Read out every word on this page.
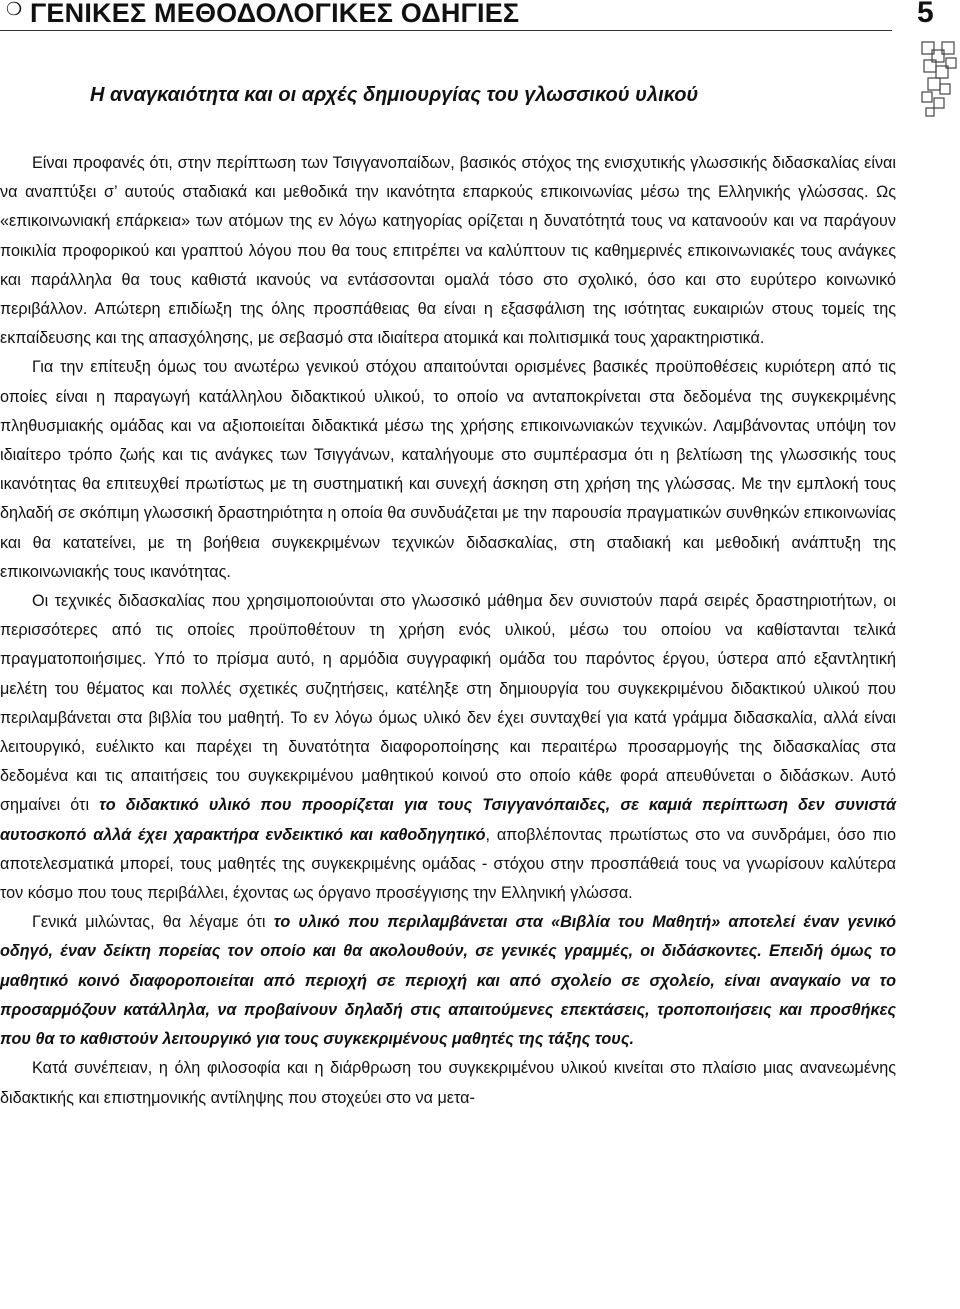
❍ ΓΕΝΙΚΕΣ ΜΕΘΟΔΟΛΟΓΙΚΕΣ ΟΔΗΓΙΕΣ	5
Η αναγκαιότητα και οι αρχές δημιουργίας του γλωσσικού υλικού

Είναι προφανές ότι, στην περίπτωση των Τσιγγανοπαίδων, βασικός στόχος της ενισχυτικής γλωσσικής διδασκαλίας είναι να αναπτύξει σ’ αυτούς σταδιακά και μεθοδικά την ικανότητα επαρκούς επικοινωνίας μέσω της Ελληνικής γλώσσας. Ως «επικοινωνιακή επάρκεια» των ατόμων της εν λόγω κατηγορίας ορίζεται η δυνατότητά τους να κατανοούν και να παράγουν ποικιλία προφορικού και γραπτού λόγου που θα τους επιτρέπει να καλύπτουν τις καθημερινές επικοινωνιακές τους ανάγκες και παράλληλα θα τους καθιστά ικανούς να εντάσσονται ομαλά τόσο στο σχολικό, όσο και στο ευρύτερο κοινωνικό περιβάλλον. Απώτερη επιδίωξη της όλης προσπάθειας θα είναι η εξασφάλιση της ισότητας ευκαιριών στους τομείς της εκπαίδευσης και της απασχόλησης, με σεβασμό στα ιδιαίτερα ατομικά και πολιτισμικά τους χαρακτηριστικά.

Για την επίτευξη όμως του ανωτέρω γενικού στόχου απαιτούνται ορισμένες βασικές προϋποθέσεις κυριότερη από τις οποίες είναι η παραγωγή κατάλληλου διδακτικού υλικού, το οποίο να ανταποκρίνεται στα δεδομένα της συγκεκριμένης πληθυσμιακής ομάδας και να αξιοποιείται διδακτικά μέσω της χρήσης επικοινωνιακών τεχνικών. Λαμβάνοντας υπόψη τον ιδιαίτερο τρόπο ζωής και τις ανάγκες των Τσιγγάνων, καταλήγουμε στο συμπέρασμα ότι η βελτίωση της γλωσσικής τους ικανότητας θα επιτευχθεί πρωτίστως με τη συστηματική και συνεχή άσκηση στη χρήση της γλώσσας. Με την εμπλοκή τους δηλαδή σε σκόπιμη γλωσσική δραστηριότητα η οποία θα συνδυάζεται με την παρουσία πραγματικών συνθηκών επικοινωνίας και θα κατατείνει, με τη βοήθεια συγκεκριμένων τεχνικών διδασκαλίας, στη σταδιακή και μεθοδική ανάπτυξη της επικοινωνιακής τους ικανότητας.

Οι τεχνικές διδασκαλίας που χρησιμοποιούνται στο γλωσσικό μάθημα δεν συνιστούν παρά σειρές δραστηριοτήτων, οι περισσότερες από τις οποίες προϋποθέτουν τη χρήση ενός υλικού, μέσω του οποίου να καθίστανται τελικά πραγματοποιήσιμες. Υπό το πρίσμα αυτό, η αρμόδια συγγραφική ομάδα του παρόντος έργου, ύστερα από εξαντλητική μελέτη του θέματος και πολλές σχετικές συζητήσεις, κατέληξε στη δημιουργία του συγκεκριμένου διδακτικού υλικού που περιλαμβάνεται στα βιβλία του μαθητή. Το εν λόγω όμως υλικό δεν έχει συνταχθεί για κατά γράμμα διδασκαλία, αλλά είναι λειτουργικό, ευέλικτο και παρέχει τη δυνατότητα διαφοροποίησης και περαιτέρω προσαρμογής της διδασκαλίας στα δεδομένα και τις απαιτήσεις του συγκεκριμένου μαθητικού κοινού στο οποίο κάθε φορά απευθύνεται ο διδάσκων. Αυτό σημαίνει ότι το διδακτικό υλικό που προορίζεται για τους Τσιγγανόπαιδες, σε καμιά περίπτωση δεν συνιστά αυτοσκοπό αλλά έχει χαρακτήρα ενδεικτικό και καθοδηγητικό, αποβλέποντας πρωτίστως στο να συνδράμει, όσο πιο αποτελεσματικά μπορεί, τους μαθητές της συγκεκριμένης ομάδας - στόχου στην προσπάθειά τους να γνωρίσουν καλύτερα τον κόσμο που τους περιβάλλει, έχοντας ως όργανο προσέγγισης την Ελληνική γλώσσα.

Γενικά μιλώντας, θα λέγαμε ότι το υλικό που περιλαμβάνεται στα «Βιβλία του Μαθητή» αποτελεί έναν γενικό οδηγό, έναν δείκτη πορείας τον οποίο και θα ακολουθούν, σε γενικές γραμμές, οι διδάσκοντες. Επειδή όμως το μαθητικό κοινό διαφοροποιείται από περιοχή σε περιοχή και από σχολείο σε σχολείο, είναι αναγκαίο να το προσαρμόζουν κατάλληλα, να προβαίνουν δηλαδή στις απαιτούμενες επεκτάσεις, τροποποιήσεις και προσθήκες που θα το καθιστούν λειτουργικό για τους συγκεκριμένους μαθητές της τάξης τους.

Κατά συνέπειαν, η όλη φιλοσοφία και η διάρθρωση του συγκεκριμένου υλικού κινείται στο πλαίσιο μιας ανανεωμένης διδακτικής και επιστημονικής αντίληψης που στοχεύει στο να μετα-
